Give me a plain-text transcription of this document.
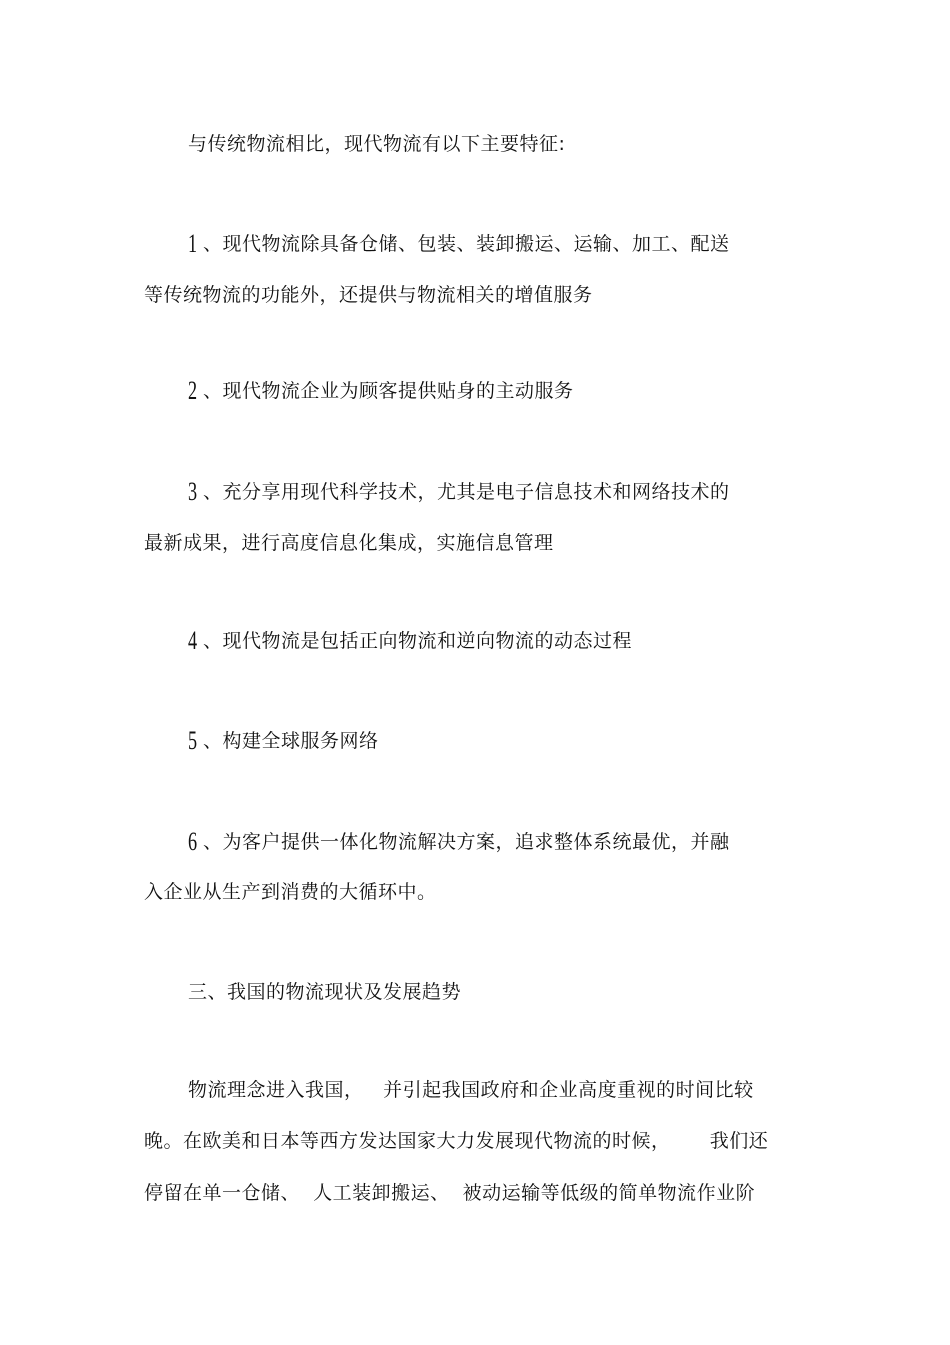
与传统物流相比，现代物流有以下主要特征:
1 、现代物流除具备仓储、包装、装卸搬运、运输、加工、配送
等传统物流的功能外，还提供与物流相关的增值服务
2 、现代物流企业为顾客提供贴身的主动服务
3 、充分享用现代科学技术，尤其是电子信息技术和网络技术的
最新成果，进行高度信息化集成，实施信息管理
4 、现代物流是包括正向物流和逆向物流的动态过程
5 、构建全球服务网络
6 、为客户提供一体化物流解决方案，追求整体系统最优，并融
入企业从生产到消费的大循环中。
三、我国的物流现状及发展趋势
物流理念进入我国，   并引起我国政府和企业高度重视的时间比较
晚。在欧美和日本等西方发达国家大力发展现代物流的时候，      我们还
停留在单一仓储、  人工装卸搬运、  被动运输等低级的简单物流作业阶
